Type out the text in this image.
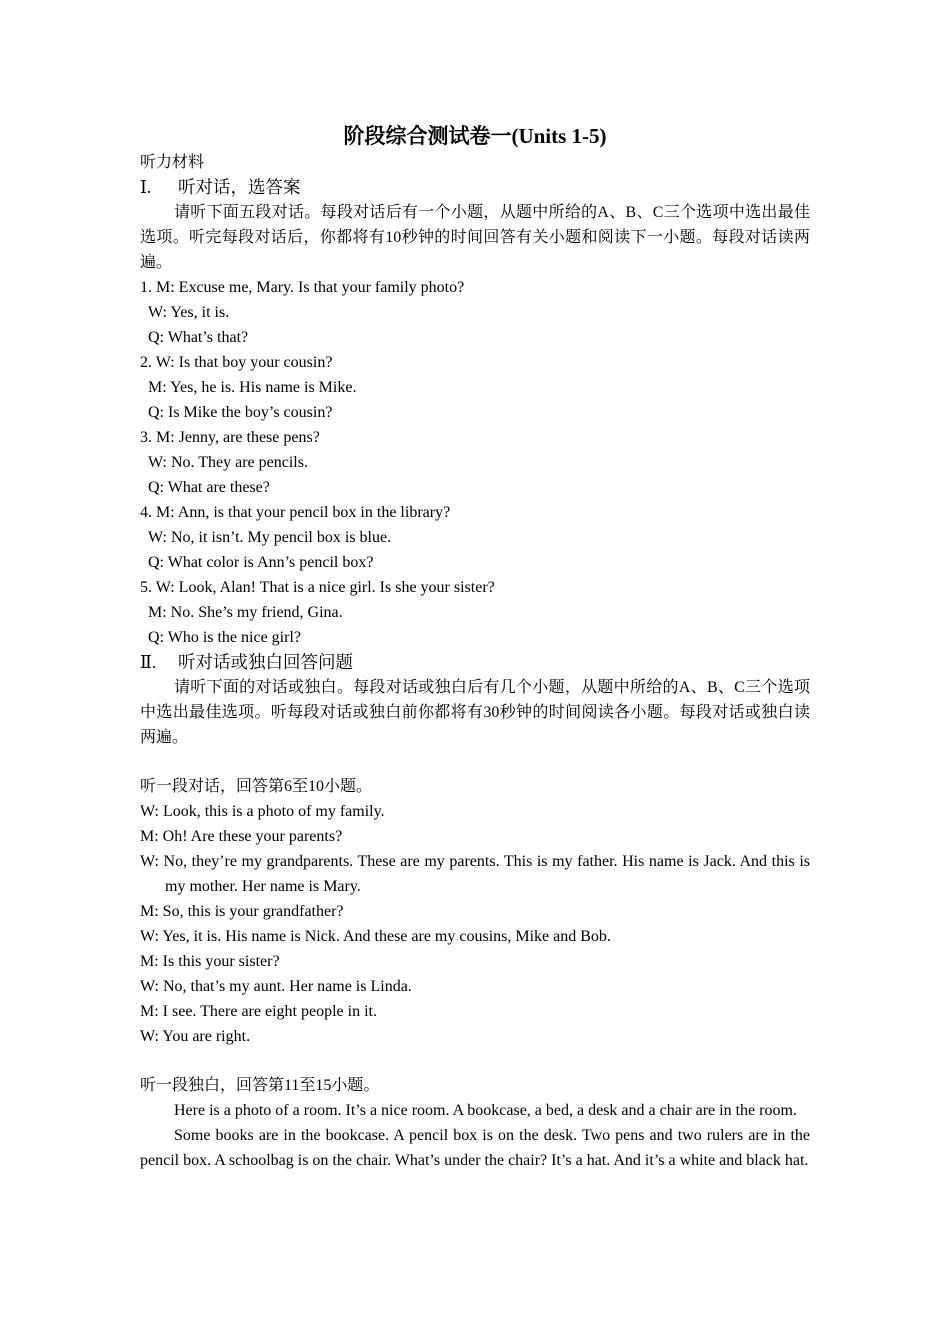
阶段综合测试卷一(Units 1-5)
听力材料
Ⅰ. 听对话，选答案
请听下面五段对话。每段对话后有一个小题，从题中所给的A、B、C三个选项中选出最佳选项。听完每段对话后，你都将有10秒钟的时间回答有关小题和阅读下一小题。每段对话读两遍。
1. M: Excuse me, Mary. Is that your family photo?
W: Yes, it is.
Q: What’s that?
2. W: Is that boy your cousin?
M: Yes, he is. His name is Mike.
Q: Is Mike the boy’s cousin?
3. M: Jenny, are these pens?
W: No. They are pencils.
Q: What are these?
4. M: Ann, is that your pencil box in the library?
W: No, it isn’t. My pencil box is blue.
Q: What color is Ann’s pencil box?
5. W: Look, Alan! That is a nice girl. Is she your sister?
M: No. She’s my friend, Gina.
Q: Who is the nice girl?
Ⅱ. 听对话或独白回答问题
请听下面的对话或独白。每段对话或独白后有几个小题，从题中所给的A、B、C三个选项中选出最佳选项。听每段对话或独白前你都将有30秒钟的时间阅读各小题。每段对话或独白读两遍。
听一段对话，回答第6至10小题。
W: Look, this is a photo of my family.
M: Oh! Are these your parents?
W: No, they’re my grandparents. These are my parents. This is my father. His name is Jack. And this is my mother. Her name is Mary.
M: So, this is your grandfather?
W: Yes, it is. His name is Nick. And these are my cousins, Mike and Bob.
M: Is this your sister?
W: No, that’s my aunt. Her name is Linda.
M: I see. There are eight people in it.
W: You are right.
听一段独白，回答第11至15小题。
Here is a photo of a room. It’s a nice room. A bookcase, a bed, a desk and a chair are in the room.
Some books are in the bookcase. A pencil box is on the desk. Two pens and two rulers are in the pencil box. A schoolbag is on the chair. What’s under the chair? It’s a hat. And it’s a white and black hat.
